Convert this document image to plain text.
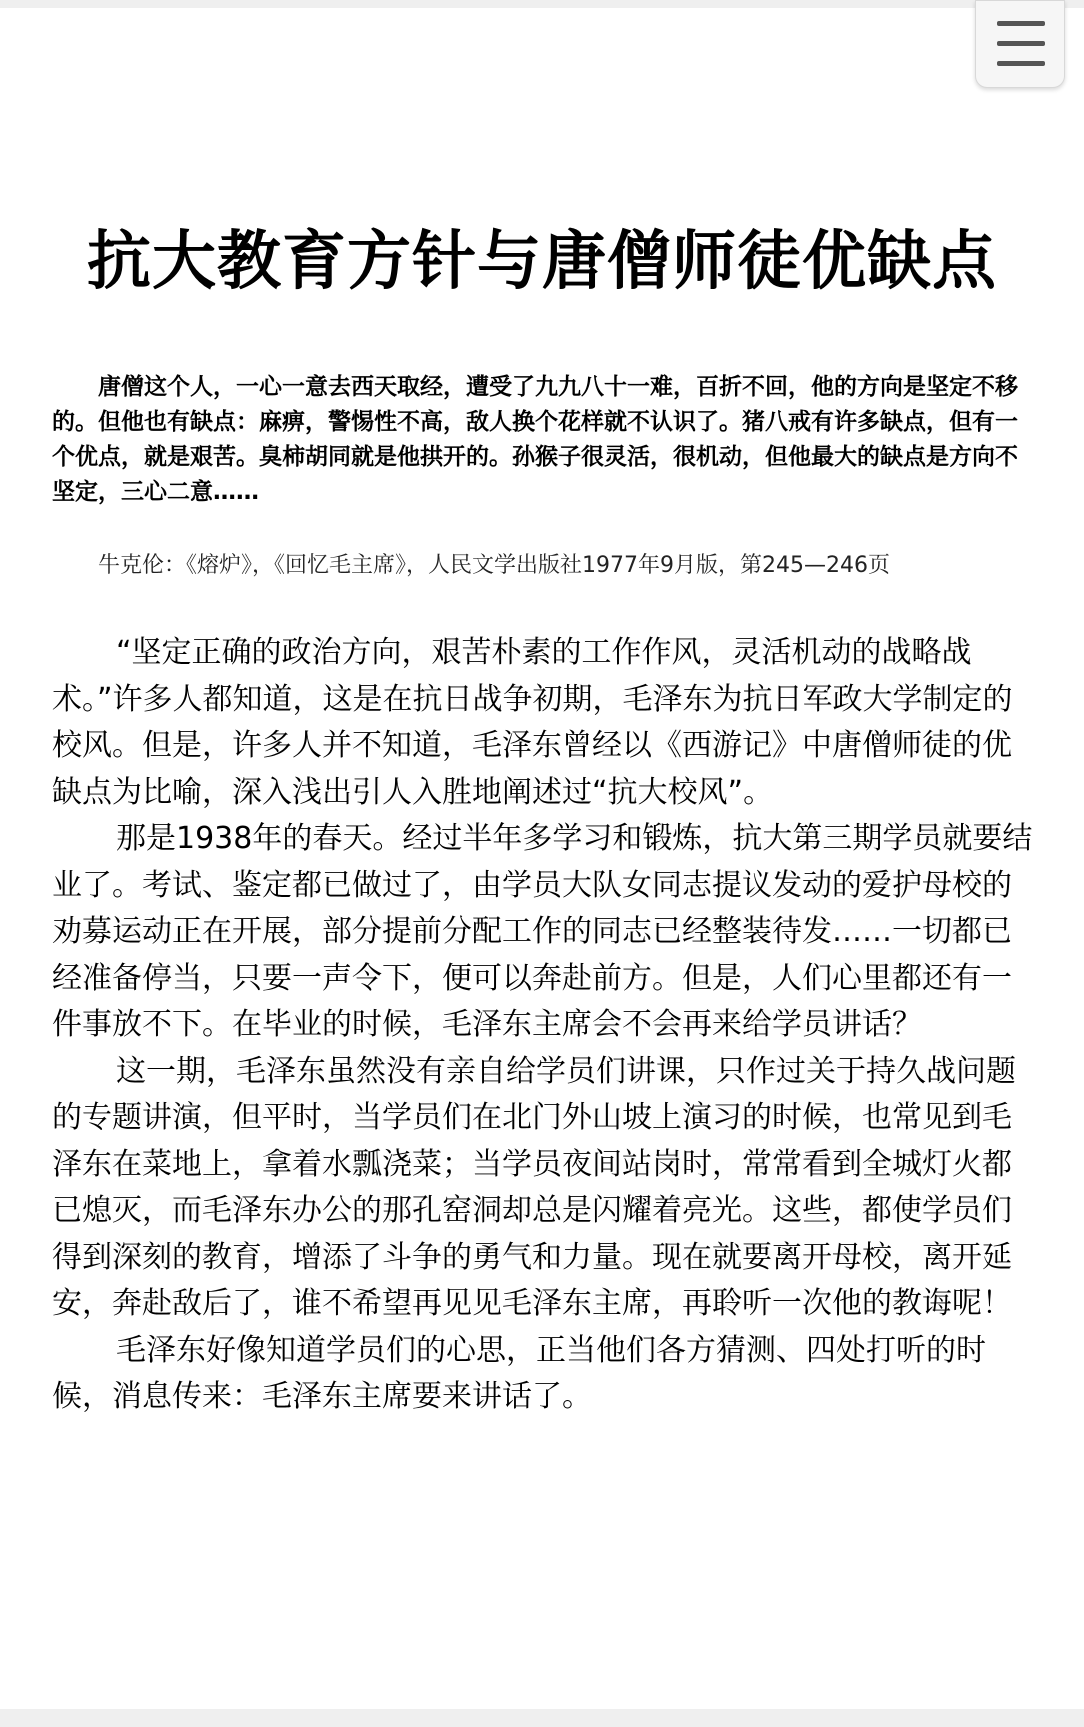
抗大教育方针与唐僧师徒优缺点

唐僧这个人，一心一意去西天取经，遭受了九九八十一难，百折不回，他的方向是坚定不移的。但他也有缺点：麻痹，警惕性不高，敌人换个花样就不认识了。猪八戒有许多缺点，但有一个优点，就是艰苦。臭柿胡同就是他拱开的。孙猴子很灵活，很机动，但他最大的缺点是方向不坚定，三心二意……

牛克伦：《熔炉》，《回忆毛主席》，人民文学出版社1977年9月版，第245—246页

“坚定正确的政治方向，艰苦朴素的工作作风，灵活机动的战略战术。”许多人都知道，这是在抗日战争初期，毛泽东为抗日军政大学制定的校风。但是，许多人并不知道，毛泽东曾经以《西游记》中唐僧师徒的优缺点为比喻，深入浅出引人入胜地阐述过“抗大校风”。

那是1938年的春天。经过半年多学习和锻炼，抗大第三期学员就要结业了。考试、鉴定都已做过了，由学员大队女同志提议发动的爱护母校的劝募运动正在开展，部分提前分配工作的同志已经整装待发……一切都已经准备停当，只要一声令下，便可以奔赴前方。但是，人们心里都还有一件事放不下。在毕业的时候，毛泽东主席会不会再来给学员讲话？

这一期，毛泽东虽然没有亲自给学员们讲课，只作过关于持久战问题的专题讲演，但平时，当学员们在北门外山坡上演习的时候，也常见到毛泽东在菜地上，拿着水瓢浇菜；当学员夜间站岗时，常常看到全城灯火都已熄灭，而毛泽东办公的那孔窑洞却总是闪耀着亮光。这些，都使学员们得到深刻的教育，增添了斗争的勇气和力量。现在就要离开母校，离开延安，奔赴敌后了，谁不希望再见见毛泽东主席，再聆听一次他的教诲呢！

毛泽东好像知道学员们的心思，正当他们各方猜测、四处打听的时候，消息传来：毛泽东主席要来讲话了。
